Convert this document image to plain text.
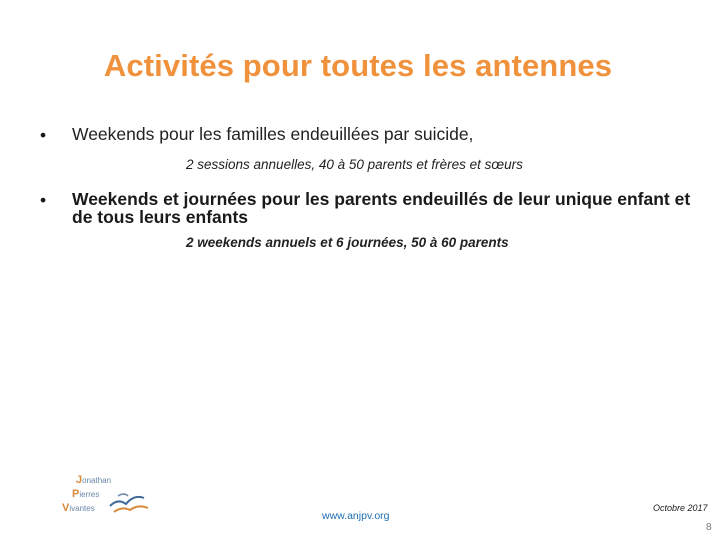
Activités pour toutes les antennes
• Weekends pour les familles endeuillées par suicide,
2 sessions annuelles, 40 à 50 parents et frères et sœurs
• Weekends et journées pour les parents endeuillés de leur unique enfant et de tous leurs enfants
2 weekends annuels et 6 journées, 50 à 60 parents
Jonathan
Pierres
Vivantes
www.anjpv.org
Octobre 2017
8
